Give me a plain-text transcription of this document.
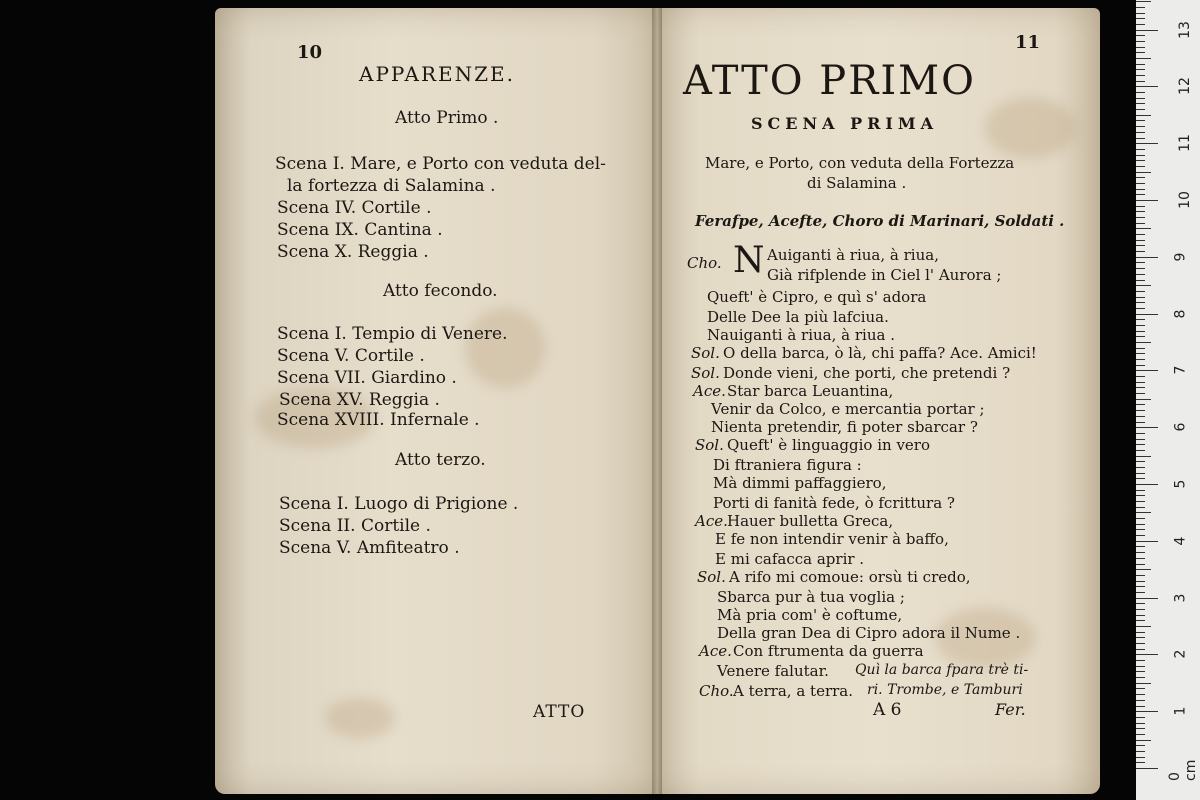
10
APPARENZE.
Atto Primo .
Scena I. Mare, e Porto con veduta del-
la fortezza di Salamina .
Scena IV. Cortile .
Scena IX. Cantina .
Scena X. Reggia .
Atto fecondo.
Scena I. Tempio di Venere.
Scena V. Cortile .
Scena VII. Giardino .
Scena XV. Reggia .
Scena XVIII. Infernale .
Atto terzo.
Scena I. Luogo di Prigione .
Scena II. Cortile .
Scena V. Amfiteatro .
ATTO
11
ATTO PRIMO
SCENA PRIMA
Mare, e Porto, con veduta della Fortezza
di Salamina .
Ferafpe, Acefte, Choro di Marinari, Soldati .
Cho. N Auiganti à riua, à riua,
Già rifplende in Ciel l' Aurora ;
Queft' è Cipro, e quì s' adora
Delle Dee la più lafciua.
Nauiganti à riua, à riua .
Sol. O della barca, ò là, chi paffa? Ace. Amici!
Sol. Donde vieni, che porti, che pretendi ?
Ace. Star barca Leuantina,
Venir da Colco, e mercantia portar ;
Nienta pretendir, fi poter sbarcar ?
Sol. Queft' è linguaggio in vero
Di ftraniera figura :
Mà dimmi paffaggiero,
Porti di fanità fede, ò fcrittura ?
Ace. Hauer bulletta Greca,
E fe non intendir venir à baffo,
E mi cafacca aprir .
Sol. A rifo mi comoue: orsù ti credo,
Sbarca pur à tua voglia ;
Mà pria com' è coftume,
Della gran Dea di Cipro adora il Nume .
Ace. Con ftrumenta da guerra
Venere falutar.
Cho. A terra, a terra.
Quì la barca fpara trè ti-
ri. Trombe, e Tamburi
A 6	Fer.	1
2
3
4
5
6
7
8
9
10
11
12
13
0 cm
